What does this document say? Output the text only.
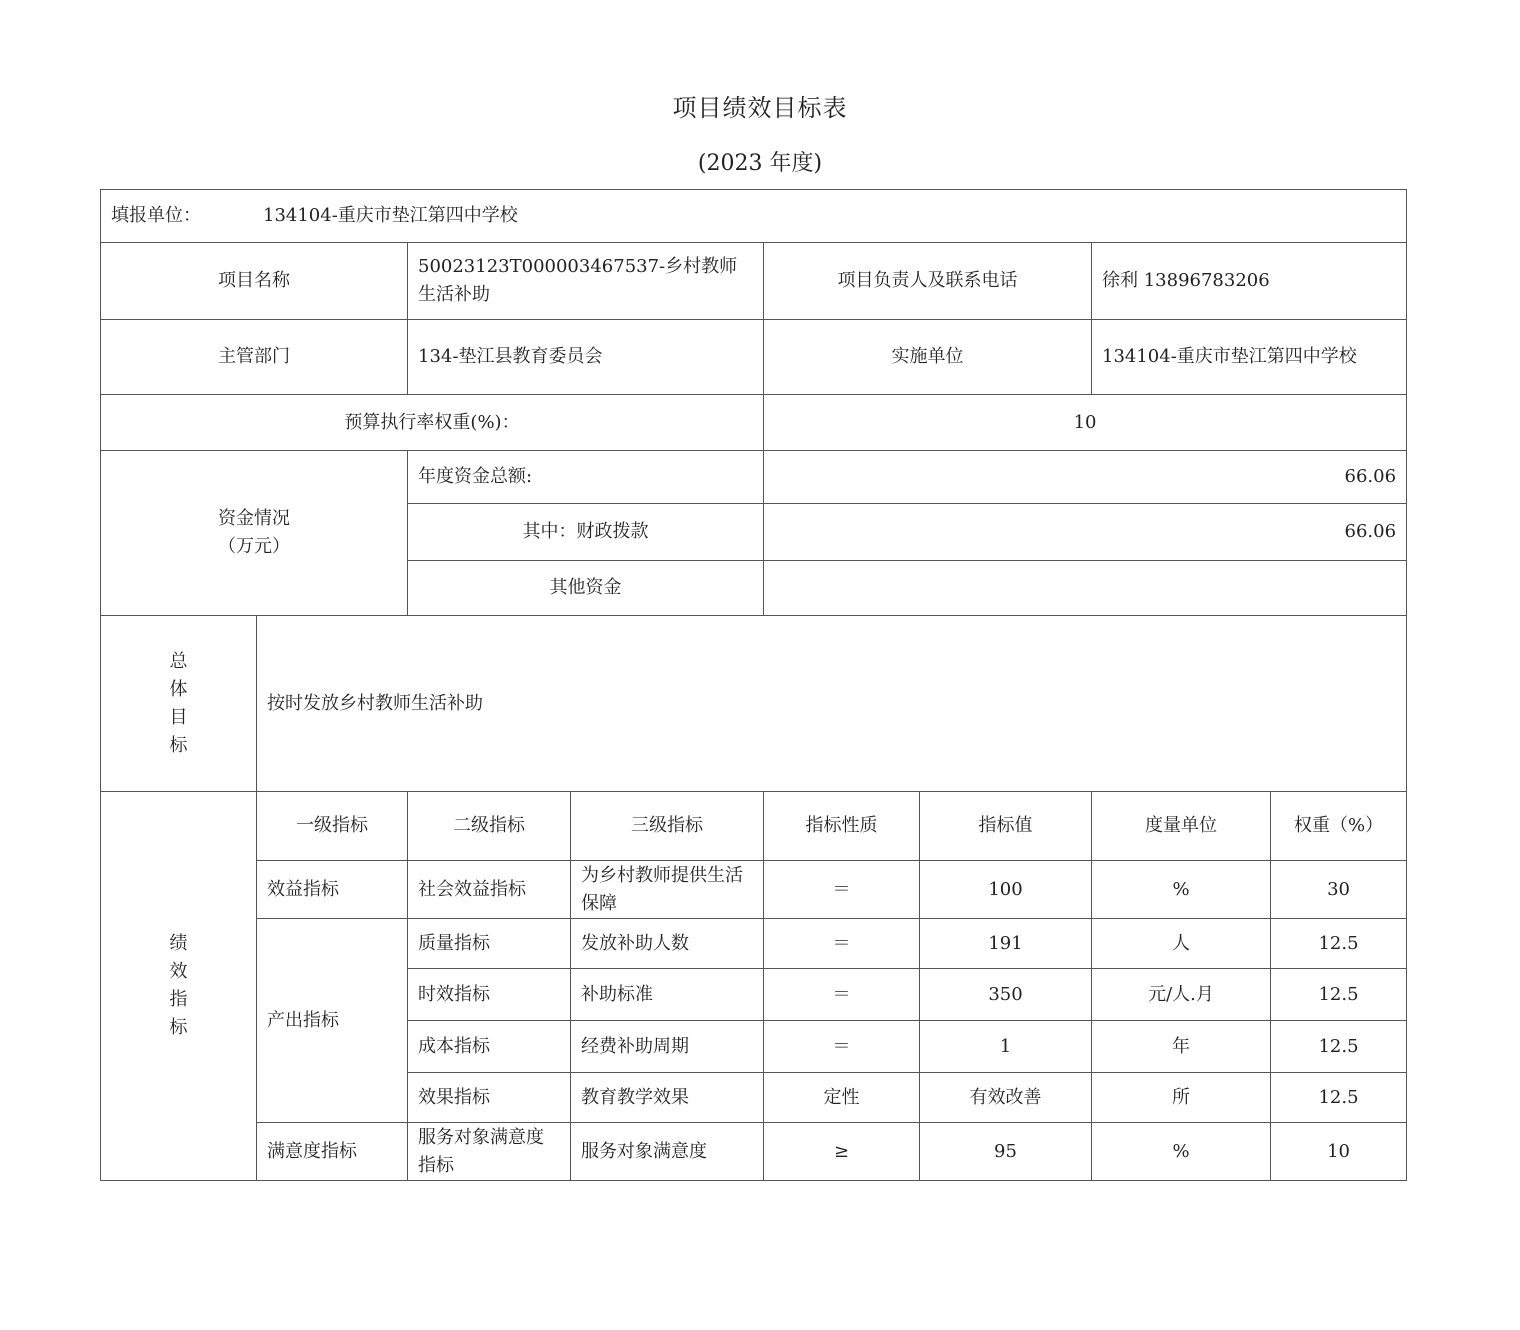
项目绩效目标表
(2023 年度)
填报单位： 134104-重庆市垫江第四中学校							
项目名称		50023123T000003467537-乡村教师生活补助		项目负责人及联系电话		徐利 13896783206	
主管部门		134-垫江县教育委员会		实施单位		134104-重庆市垫江第四中学校	
预算执行率权重(%)：				10			

资金情况
（万元）		年度资金总额:		66.06			
		其中：财政拨款		66.06			
		其他资金					

总
体
目
标	按时发放乡村教师生活补助						

绩
效
指
标	一级指标	二级指标	三级指标	指标性质	指标值	度量单位	权重（%）
	效益指标	社会效益指标	为乡村教师提供生活保障	＝	100	%	30
	产出指标	质量指标	发放补助人数	＝	191	人	12.5
		时效指标	补助标准	＝	350	元/人.月	12.5
		成本指标	经费补助周期	＝	1	年	12.5
		效果指标	教育教学效果	定性	有效改善	所	12.5
	满意度指标	服务对象满意度指标	服务对象满意度	≥	95	%	10
